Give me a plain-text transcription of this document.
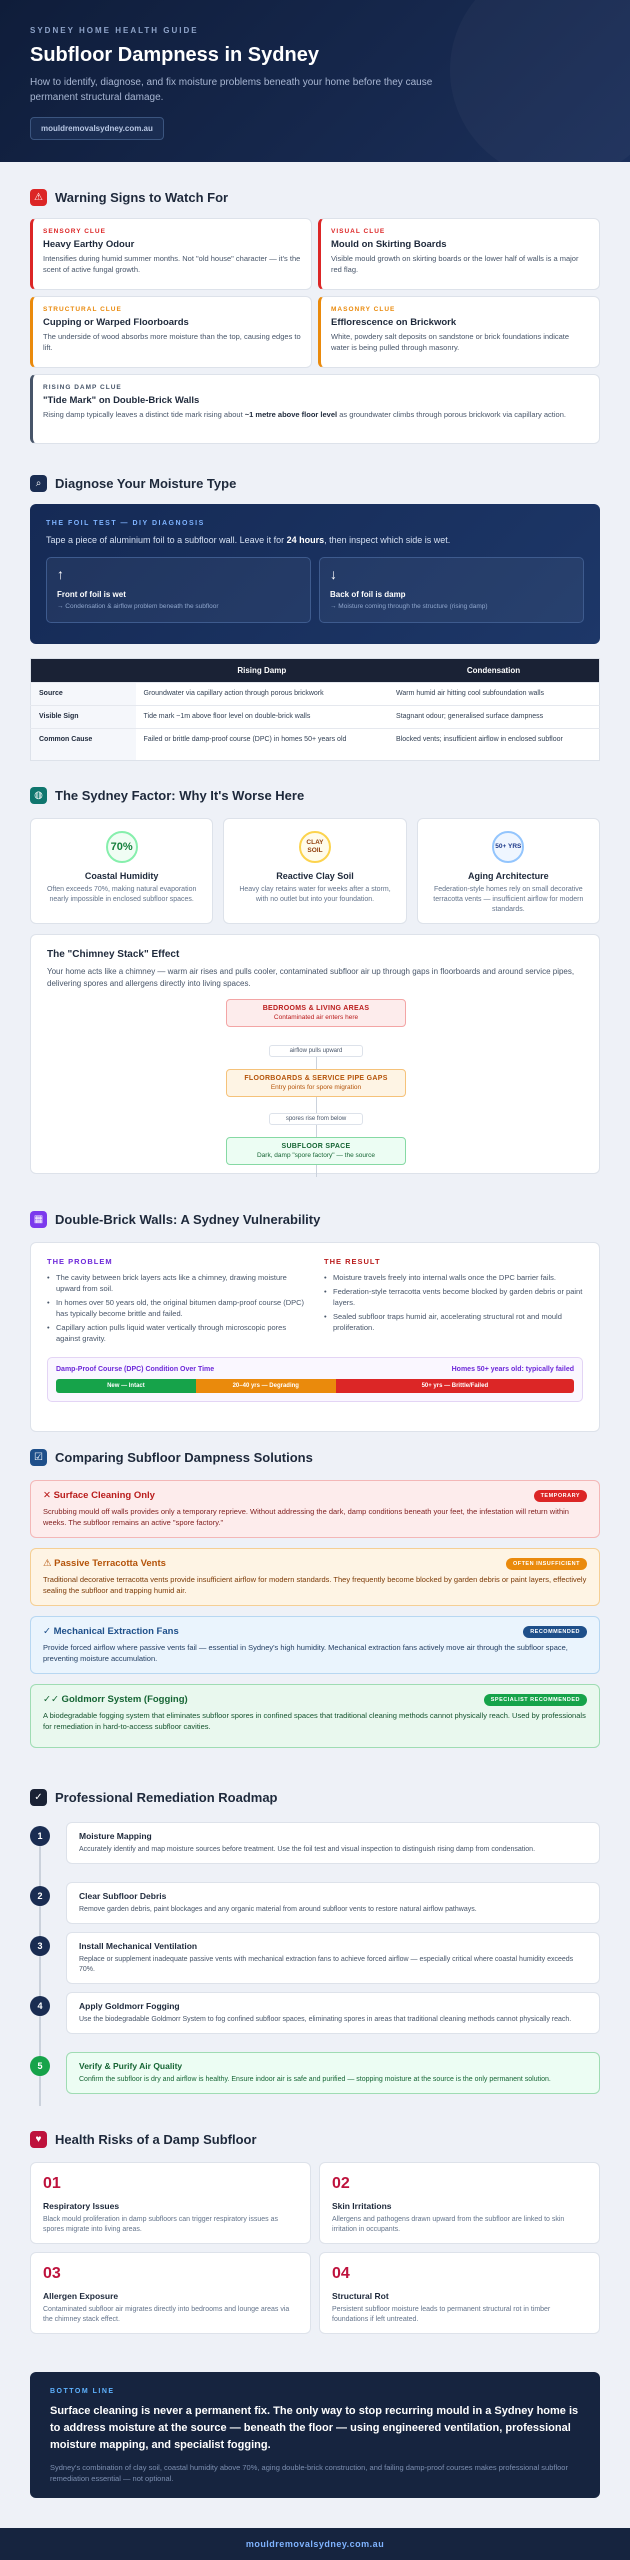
SYDNEY HOME HEALTH GUIDE
Subfloor Dampness in Sydney

How to identify, diagnose, and fix moisture problems beneath your home before they cause permanent structural damage.

mouldremovalsydney.com.au
⚠ Warning Signs to Watch For
SENSORY CLUE
Heavy Earthy Odour
Intensifies during humid summer months. Not "old house" character — it's the scent of active fungal growth.
VISUAL CLUE
Mould on Skirting Boards
Visible mould growth on skirting boards or the lower half of walls is a major red flag.
STRUCTURAL CLUE
Cupping or Warped Floorboards
The underside of wood absorbs more moisture than the top, causing edges to lift.
MASONRY CLUE
Efflorescence on Brickwork
White, powdery salt deposits on sandstone or brick foundations indicate water is being pulled through masonry.
RISING DAMP CLUE
"Tide Mark" on Double-Brick Walls
Rising damp typically leaves a distinct tide mark rising about ~1 metre above floor level as groundwater climbs through porous brickwork via capillary action.
⌕	Diagnose Your Moisture Type
THE FOIL TEST — DIY DIAGNOSIS
Tape a piece of aluminium foil to a subfloor wall. Leave it for 24 hours, then inspect which side is wet.
↑
Front of foil is wet
→ Condensation & airflow problem beneath the subfloor
↓
Back of foil is damp
→ Moisture coming through the structure (rising damp)
	Rising Damp	Condensation
Source	Groundwater via capillary action through porous brickwork	Warm humid air hitting cool subfoundation walls
Visible Sign	Tide mark ~1m above floor level on double-brick walls	Stagnant odour; generalised surface dampness
Common Cause	Failed or brittle damp-proof course (DPC) in homes 50+ years old	Blocked vents; insufficient airflow in enclosed subfloor
◍ The Sydney Factor: Why It's Worse Here
70%
Coastal Humidity
Often exceeds 70%, making natural evaporation nearly impossible in enclosed subfloor spaces.
CLAY SOIL
Reactive Clay Soil
Heavy clay retains water for weeks after a storm, with no outlet but into your foundation.
50+ YRS
Aging Architecture
Federation-style homes rely on small decorative terracotta vents — insufficient airflow for modern standards.
The "Chimney Stack" Effect
Your home acts like a chimney — warm air rises and pulls cooler, contaminated subfloor air up through gaps in floorboards and around service pipes, delivering spores and allergens directly into living spaces.
BEDROOMS & LIVING AREAS
Contaminated air enters here
airflow pulls upward
FLOORBOARDS & SERVICE PIPE GAPS
Entry points for spore migration
spores rise from below
SUBFLOOR SPACE
Dark, damp "spore factory" — the source
▦ Double-Brick Walls: A Sydney Vulnerability
THE PROBLEM
• The cavity between brick layers acts like a chimney, drawing moisture upward from soil.
• In homes over 50 years old, the original bitumen damp-proof course (DPC) has typically become brittle and failed.
• Capillary action pulls liquid water vertically through microscopic pores against gravity.
THE RESULT
• Moisture travels freely into internal walls once the DPC barrier fails.
• Federation-style terracotta vents become blocked by garden debris or paint layers.
• Sealed subfloor traps humid air, accelerating structural rot and mould proliferation.
Damp-Proof Course (DPC) Condition Over Time	Homes 50+ years old: typically failed
New — Intact	20–40 yrs — Degrading	50+ yrs — Brittle/Failed
☑ Comparing Subfloor Dampness Solutions
✕ Surface Cleaning Only
Scrubbing mould off walls provides only a temporary reprieve. Without addressing the dark, damp conditions beneath your feet, the infestation will return within weeks. The subfloor remains an active "spore factory."
TEMPORARY
⚠ Passive Terracotta Vents
Traditional decorative terracotta vents provide insufficient airflow for modern standards. They frequently become blocked by garden debris or paint layers, effectively sealing the subfloor and trapping humid air.
OFTEN INSUFFICIENT
✓ Mechanical Extraction Fans
Provide forced airflow where passive vents fail — essential in Sydney's high humidity. Mechanical extraction fans actively move air through the subfloor space, preventing moisture accumulation.
RECOMMENDED
✓✓ Goldmorr System (Fogging)
A biodegradable fogging system that eliminates subfloor spores in confined spaces that traditional cleaning methods cannot physically reach. Used by professionals for remediation in hard-to-access subfloor cavities.
SPECIALIST RECOMMENDED
✓ Professional Remediation Roadmap
1	Moisture Mapping
Accurately identify and map moisture sources before treatment. Use the foil test and visual inspection to distinguish rising damp from condensation.
2	Clear Subfloor Debris
Remove garden debris, paint blockages and any organic material from around subfloor vents to restore natural airflow pathways.
3	Install Mechanical Ventilation
Replace or supplement inadequate passive vents with mechanical extraction fans to achieve forced airflow — especially critical where coastal humidity exceeds 70%.
4	Apply Goldmorr Fogging
Use the biodegradable Goldmorr System to fog confined subfloor spaces, eliminating spores in areas that traditional cleaning methods cannot physically reach.
5	Verify & Purify Air Quality
Confirm the subfloor is dry and airflow is healthy. Ensure indoor air is safe and purified — stopping moisture at the source is the only permanent solution.
♥	Health Risks of a Damp Subfloor
01
Respiratory Issues
Black mould proliferation in damp subfloors can trigger respiratory issues as spores migrate into living areas.
02
Skin Irritations
Allergens and pathogens drawn upward from the subfloor are linked to skin irritation in occupants.
03
Allergen Exposure
Contaminated subfloor air migrates directly into bedrooms and lounge areas via the chimney stack effect.
04
Structural Rot
Persistent subfloor moisture leads to permanent structural rot in timber foundations if left untreated.
BOTTOM LINE
Surface cleaning is never a permanent fix. The only way to stop recurring mould in a Sydney home is to address moisture at the source — beneath the floor — using engineered ventilation, professional moisture mapping, and specialist fogging.
Sydney's combination of clay soil, coastal humidity above 70%, aging double-brick construction, and failing damp-proof courses makes professional subfloor remediation essential — not optional.
mouldremovalsydney.com.au
